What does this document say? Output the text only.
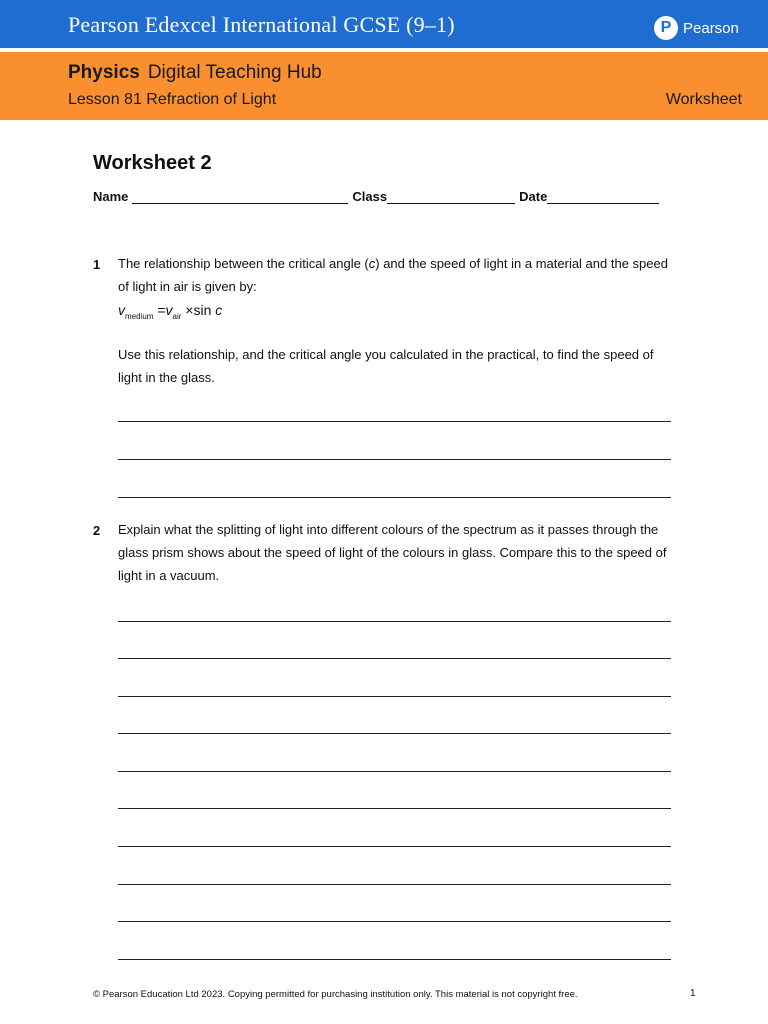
Pearson Edexcel International GCSE (9–1)	P Pearson
Physics Digital Teaching Hub
Lesson 81 Refraction of Light	Worksheet
Worksheet 2
Name	Class	Date
1 The relationship between the critical angle (c) and the speed of light in a material and the speed of light in air is given by:
$v_{medium} =v_{air} \times\sin$ c
Use this relationship, and the critical angle you calculated in the practical, to find the speed of light in the glass.
2 Explain what the splitting of light into different colours of the spectrum as it passes through the glass prism shows about the speed of light of the colours in glass. Compare this to the speed of light in a vacuum.
© Pearson Education Ltd 2023. Copying permitted for purchasing institution only. This material is not copyright free.	1
